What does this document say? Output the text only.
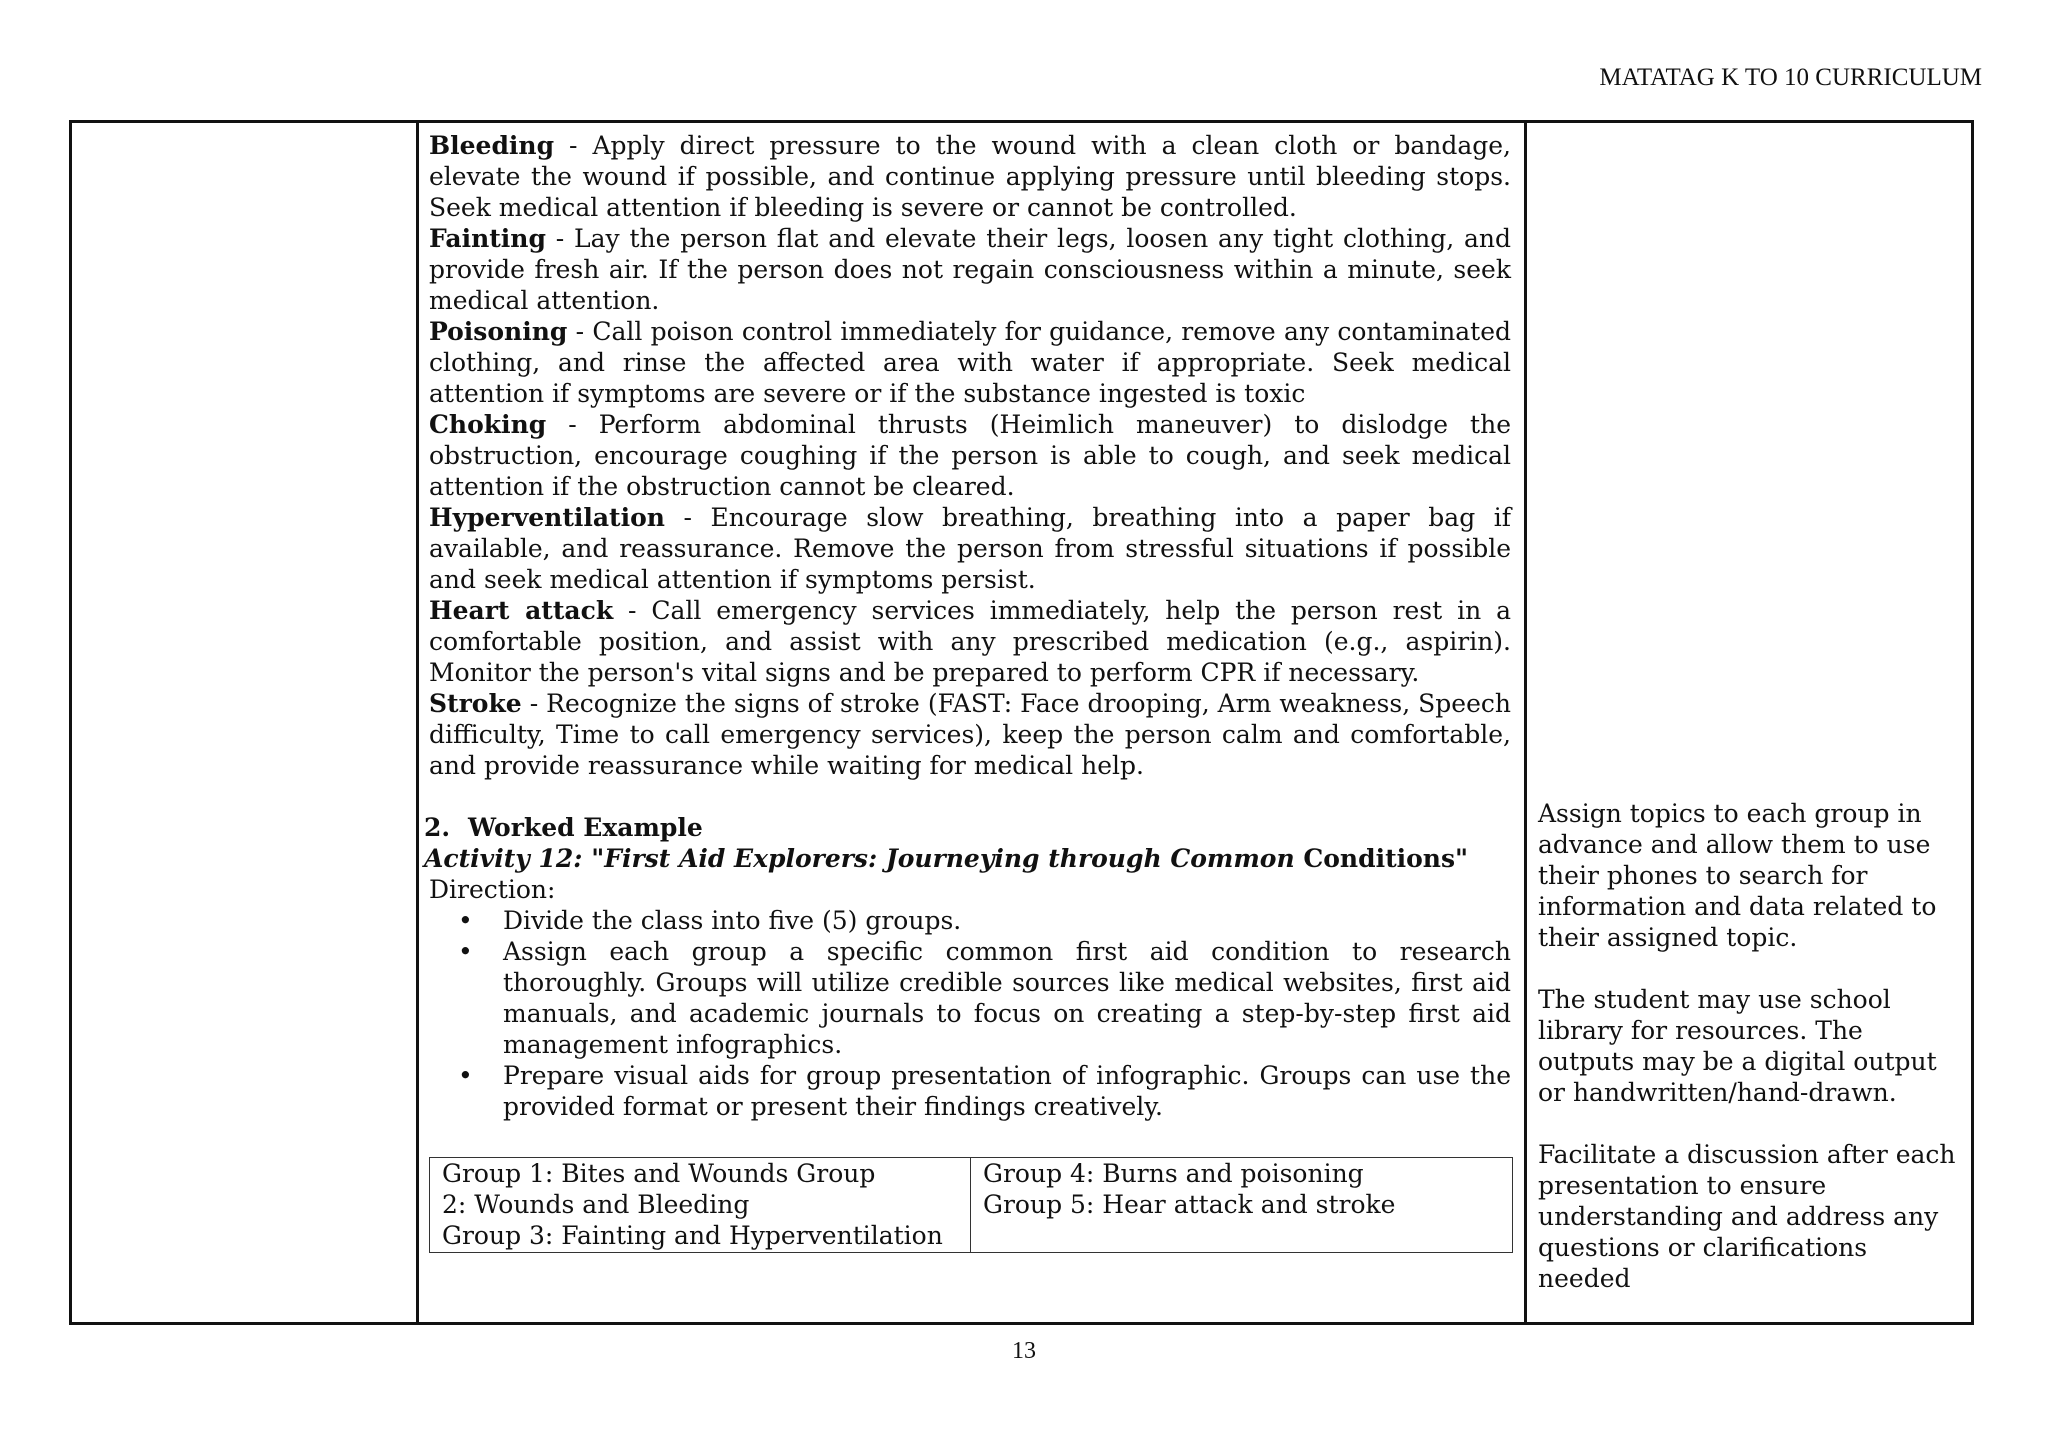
MATATAG K TO 10 CURRICULUM

Bleeding - Apply direct pressure to the wound with a clean cloth or bandage, elevate the wound if possible, and continue applying pressure until bleeding stops. Seek medical attention if bleeding is severe or cannot be controlled.

Fainting - Lay the person flat and elevate their legs, loosen any tight clothing, and provide fresh air. If the person does not regain consciousness within a minute, seek medical attention.

Poisoning - Call poison control immediately for guidance, remove any contaminated clothing, and rinse the affected area with water if appropriate. Seek medical attention if symptoms are severe or if the substance ingested is toxic

Choking - Perform abdominal thrusts (Heimlich maneuver) to dislodge the obstruction, encourage coughing if the person is able to cough, and seek medical attention if the obstruction cannot be cleared.

Hyperventilation - Encourage slow breathing, breathing into a paper bag if available, and reassurance. Remove the person from stressful situations if possible and seek medical attention if symptoms persist.

Heart attack - Call emergency services immediately, help the person rest in a comfortable position, and assist with any prescribed medication (e.g., aspirin). Monitor the person's vital signs and be prepared to perform CPR if necessary.

Stroke - Recognize the signs of stroke (FAST: Face drooping, Arm weakness, Speech difficulty, Time to call emergency services), keep the person calm and comfortable, and provide reassurance while waiting for medical help.

2. Worked Example
Activity 12: "First Aid Explorers: Journeying through Common Conditions"

Direction:

• Divide the class into five (5) groups.
• Assign each group a specific common first aid condition to research thoroughly. Groups will utilize credible sources like medical websites, first aid manuals, and academic journals to focus on creating a step-by-step first aid management infographics.
• Prepare visual aids for group presentation of infographic. Groups can use the provided format or present their findings creatively.
Group 1: Bites and Wounds Group
2: Wounds and Bleeding
Group 3: Fainting and Hyperventilation
Group 4: Burns and poisoning
Group 5: Hear attack and stroke

Assign topics to each group in advance and allow them to use their phones to search for information and data related to their assigned topic.

The student may use school library for resources. The outputs may be a digital output or handwritten/hand-drawn.

Facilitate a discussion after each presentation to ensure understanding and address any questions or clarifications needed

13
